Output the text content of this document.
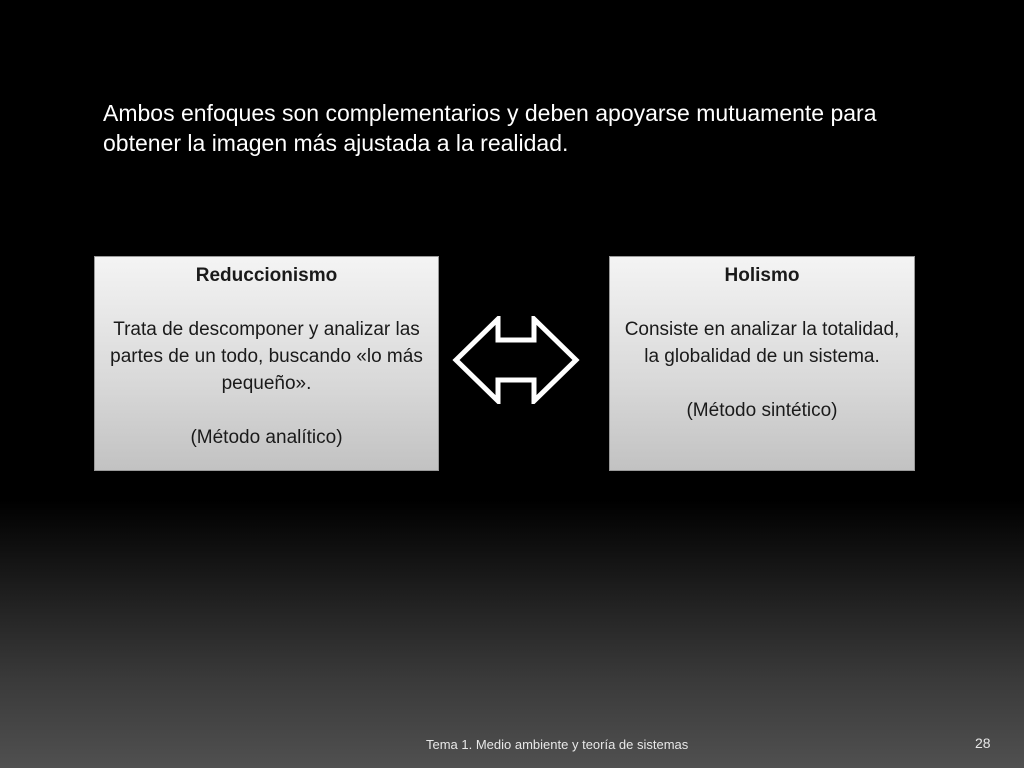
Ambos enfoques son complementarios y deben apoyarse mutuamente para obtener la imagen más ajustada a la realidad.

Reduccionismo

Trata de descomponer y analizar las partes de un todo, buscando «lo más pequeño».

(Método analítico)

Holismo

Consiste en analizar la totalidad, la globalidad de un sistema.

(Método sintético)

Tema 1. Medio ambiente y teoría de sistemas	28
